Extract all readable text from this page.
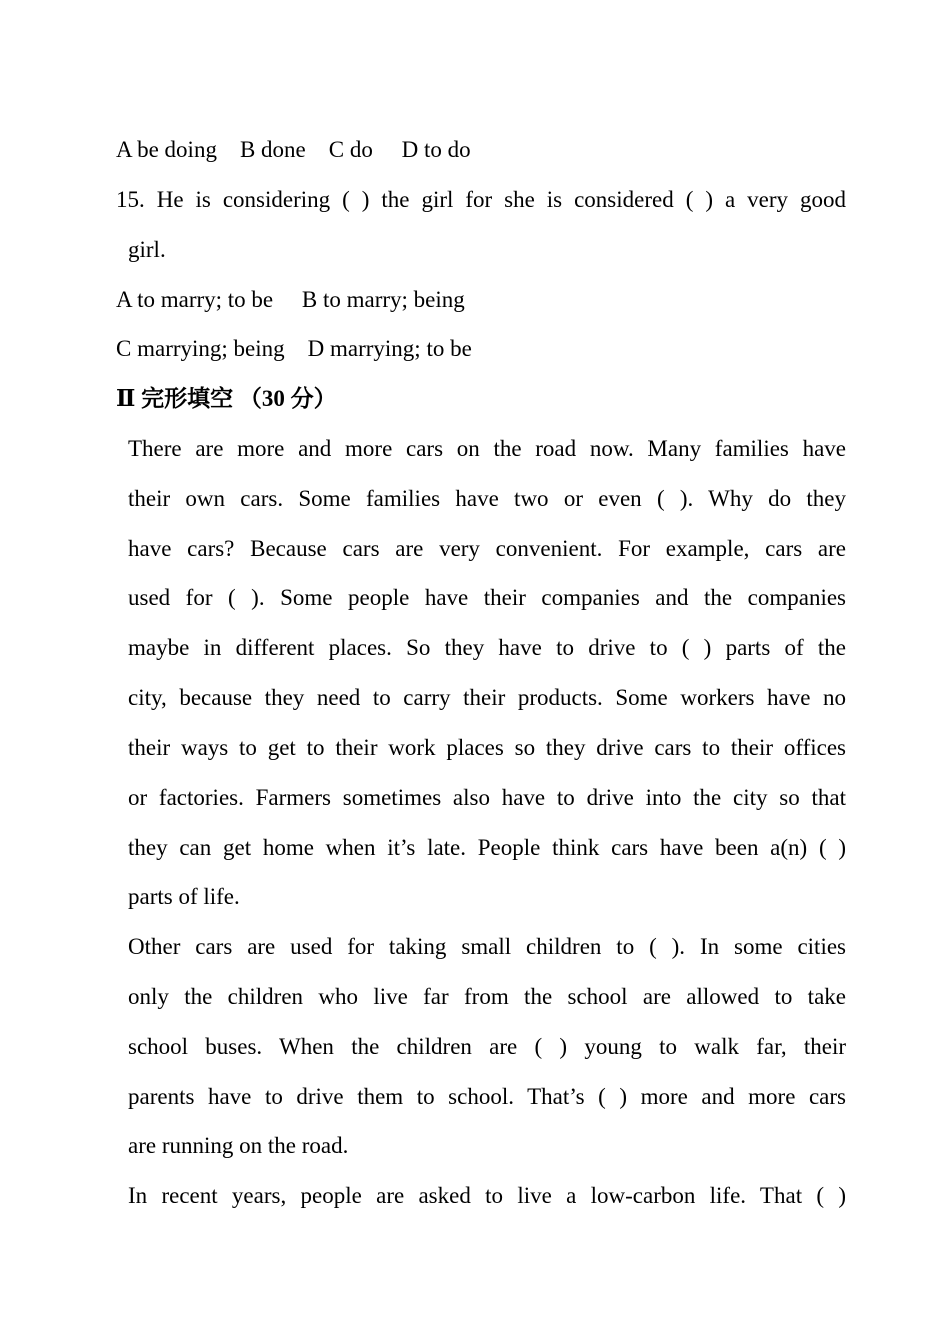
A be doing    B done    C do     D to do
15. He is considering ( ) the girl for she is considered ( ) a very good
girl.
A to marry; to be     B to marry; being
C marrying; being    D marrying; to be
Ⅱ 完形填空 （30 分）
There are more and more cars on the road now. Many families have
their own cars. Some families have two or even ( ). Why do they
have cars? Because cars are very convenient. For example, cars are
used for ( ). Some people have their companies and the companies
maybe in different places. So they have to drive to ( ) parts of the
city, because they need to carry their products. Some workers have no
their ways to get to their work places so they drive cars to their offices
or factories. Farmers sometimes also have to drive into the city so that
they can get home when it’s late. People think cars have been a(n) ( )
parts of life.
Other cars are used for taking small children to ( ). In some cities
only the children who live far from the school are allowed to take
school buses. When the children are ( ) young to walk far, their
parents have to drive them to school. That’s ( ) more and more cars
are running on the road.
In recent years, people are asked to live a low-carbon life. That ( )
